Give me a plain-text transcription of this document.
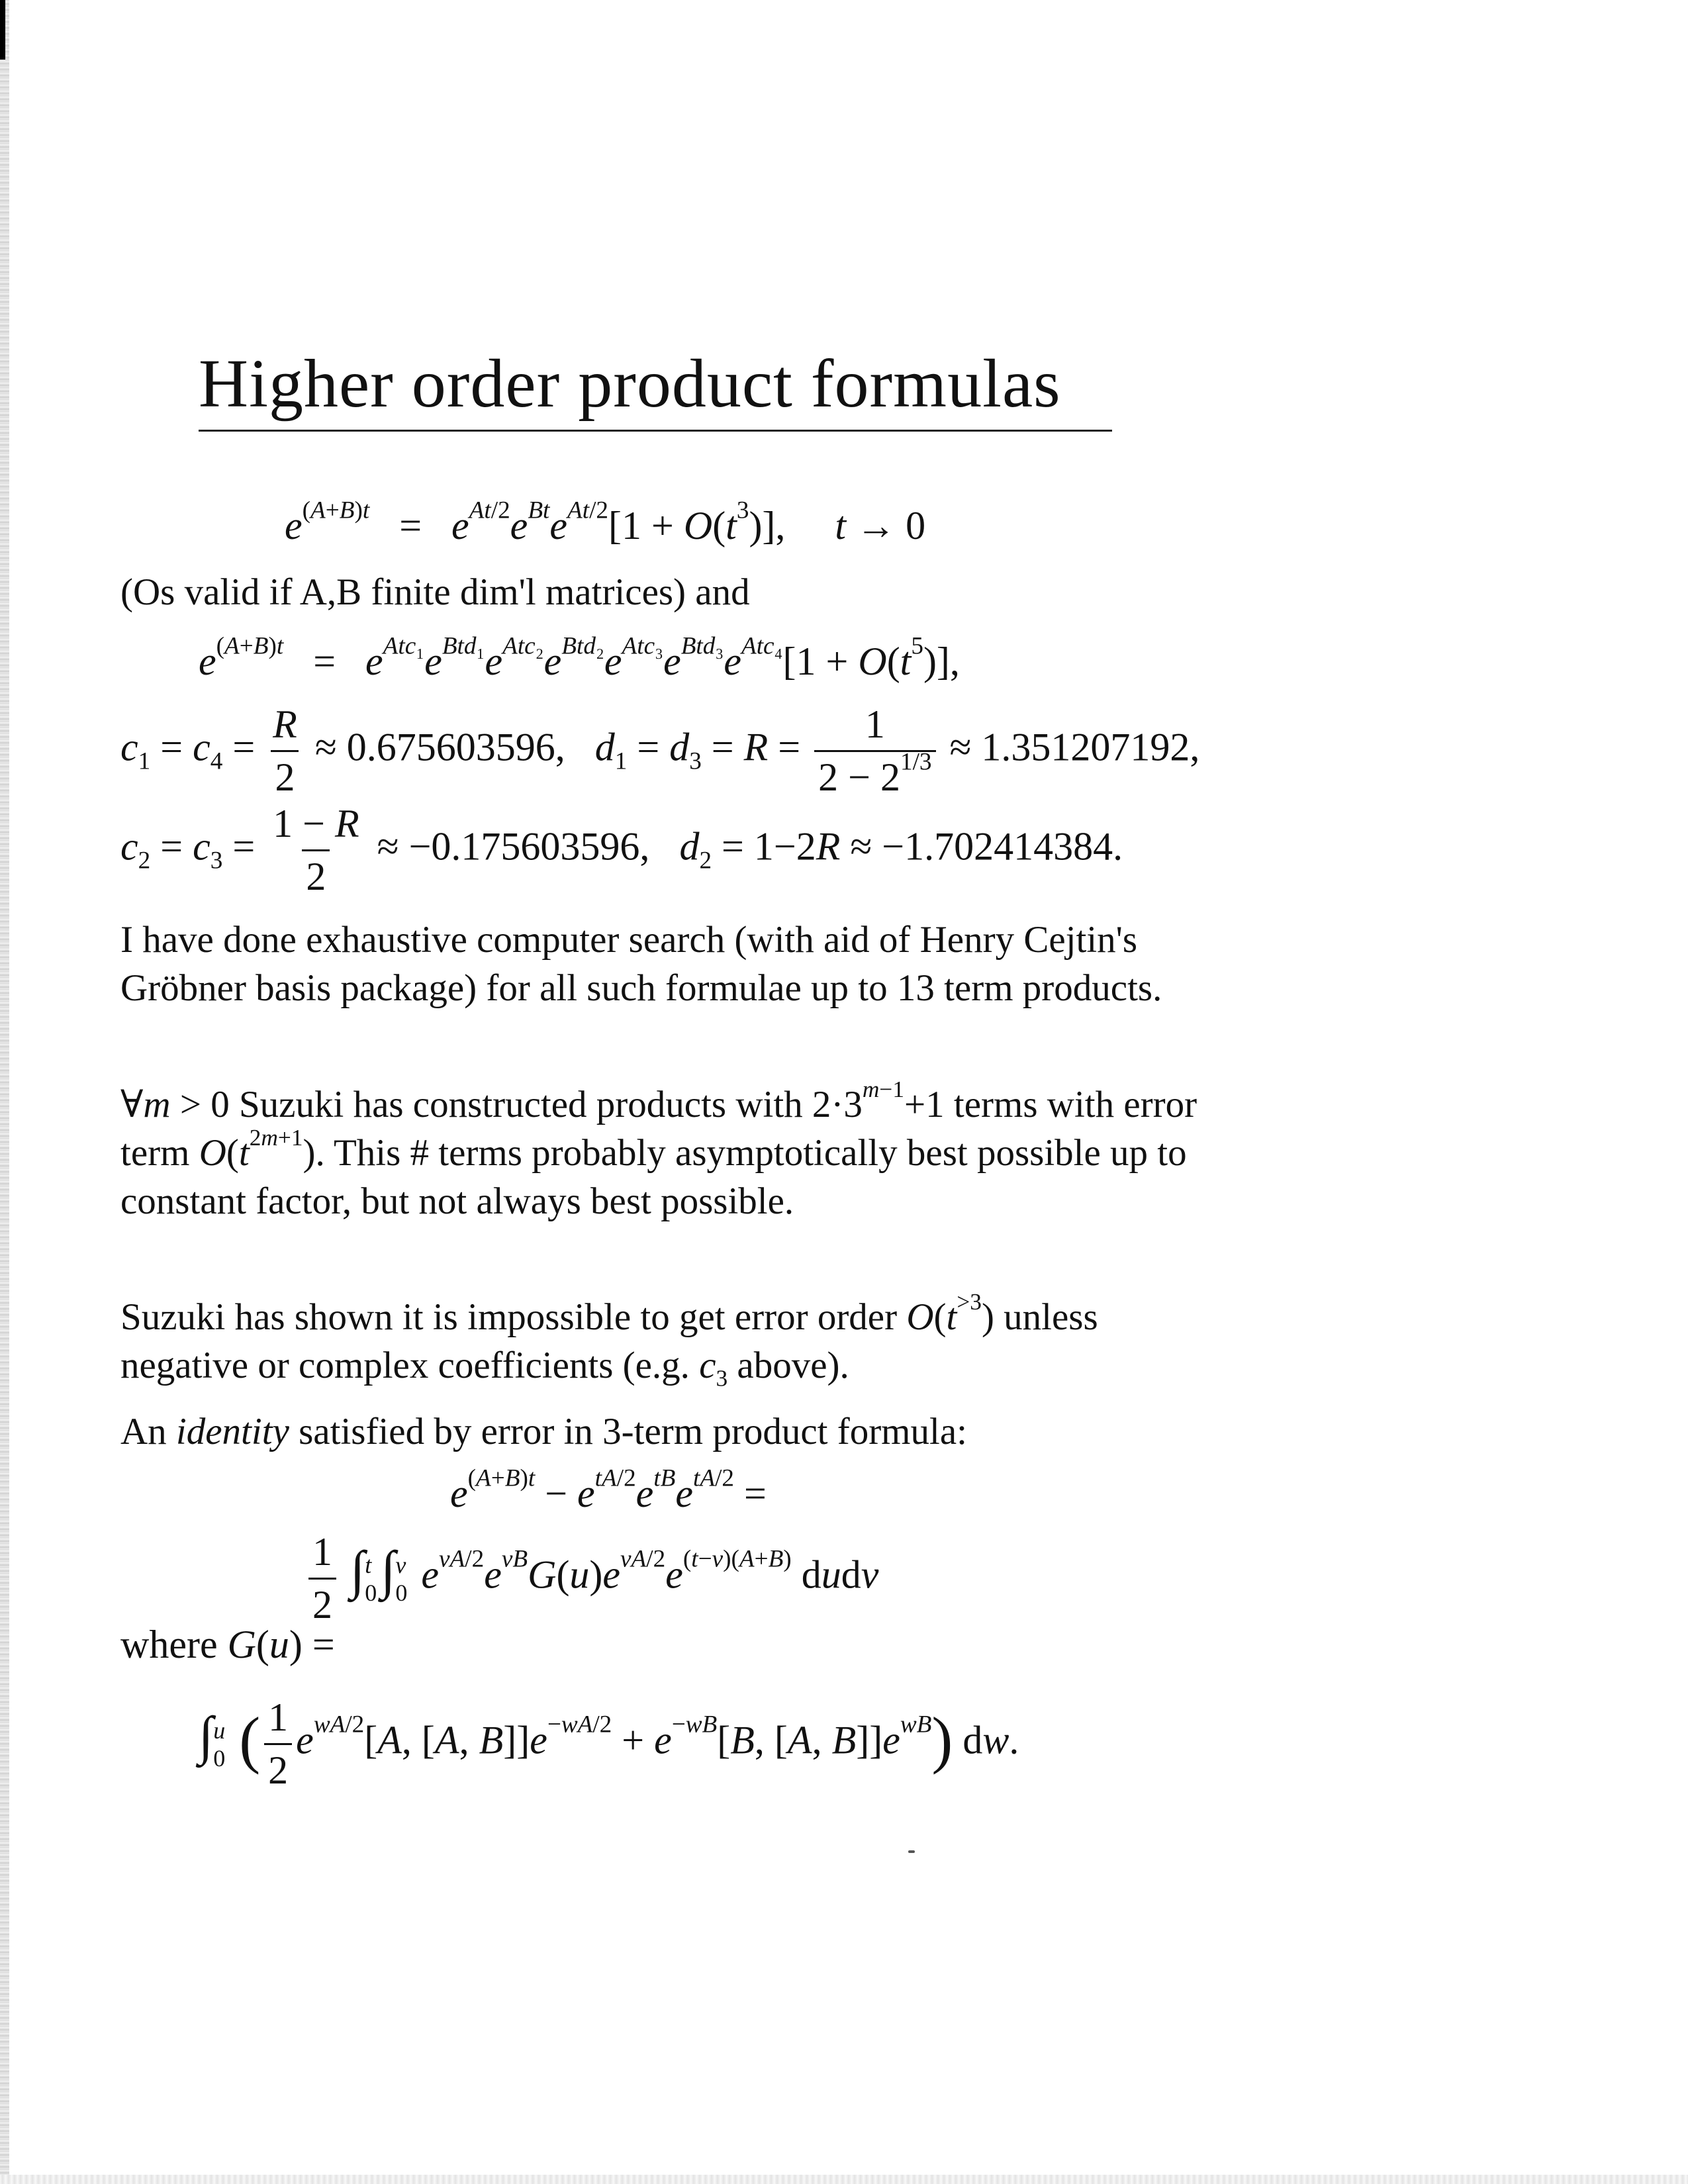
Higher order product formulas
$e^{(A+B)t} = e^{At/2}e^{Bt}e^{At/2}[1 + O(t^3)]$,     t → 0

(Os valid if A,B finite dim'l matrices) and

$e^{(A+B)t} = e^{Atc_1}e^{Btd_1}e^{Atc_2}e^{Btd_2}e^{Atc_3}e^{Btd_3}e^{Atc_4}[1 + O(t^5)]$,
$c_1 = c_4 = \frac{R}{2} \approx 0.675603596$, $d_1 = d_3 = R = \frac{1}{2 - 2^{1/3}} \approx 1.351207192$,
$c_2 = c_3 = \frac{1 - R}{2} \approx -0.175603596$, $d_2 = 1-2R \approx -1.702414384$.

I have done exhaustive computer search (with aid of Henry Cejtin's Gröbner basis package) for all such formulae up to 13 term products.

∀m > 0 Suzuki has constructed products with $2\cdot 3^{m-1}+1$ terms with error term $O(t^{2m+1})$. This # terms probably asymptotically best possible up to constant factor, but not always best possible.

Suzuki has shown it is impossible to get error order $O(t^{>3})$ unless negative or complex coefficients (e.g. $c_3$ above).

An identity satisfied by error in 3-term product formula:

$e^{(A+B)t} - e^{tA/2}e^{tB}e^{tA/2}$ =
$\frac{1}{2}$ ∫ t
0 ∫ v
0 $e^{vA/2}e^{vB}G(u)e^{vA/2}e^{(t-v)(A+B)}$ dudv
where G(u) =
∫ u
0 ( $\frac{1}{2} e^{wA/2}[A$, [A, $B]]e^{-wA/2} + e^{-wB}[B$, [A, $B]]e^{wB}$) dw.
